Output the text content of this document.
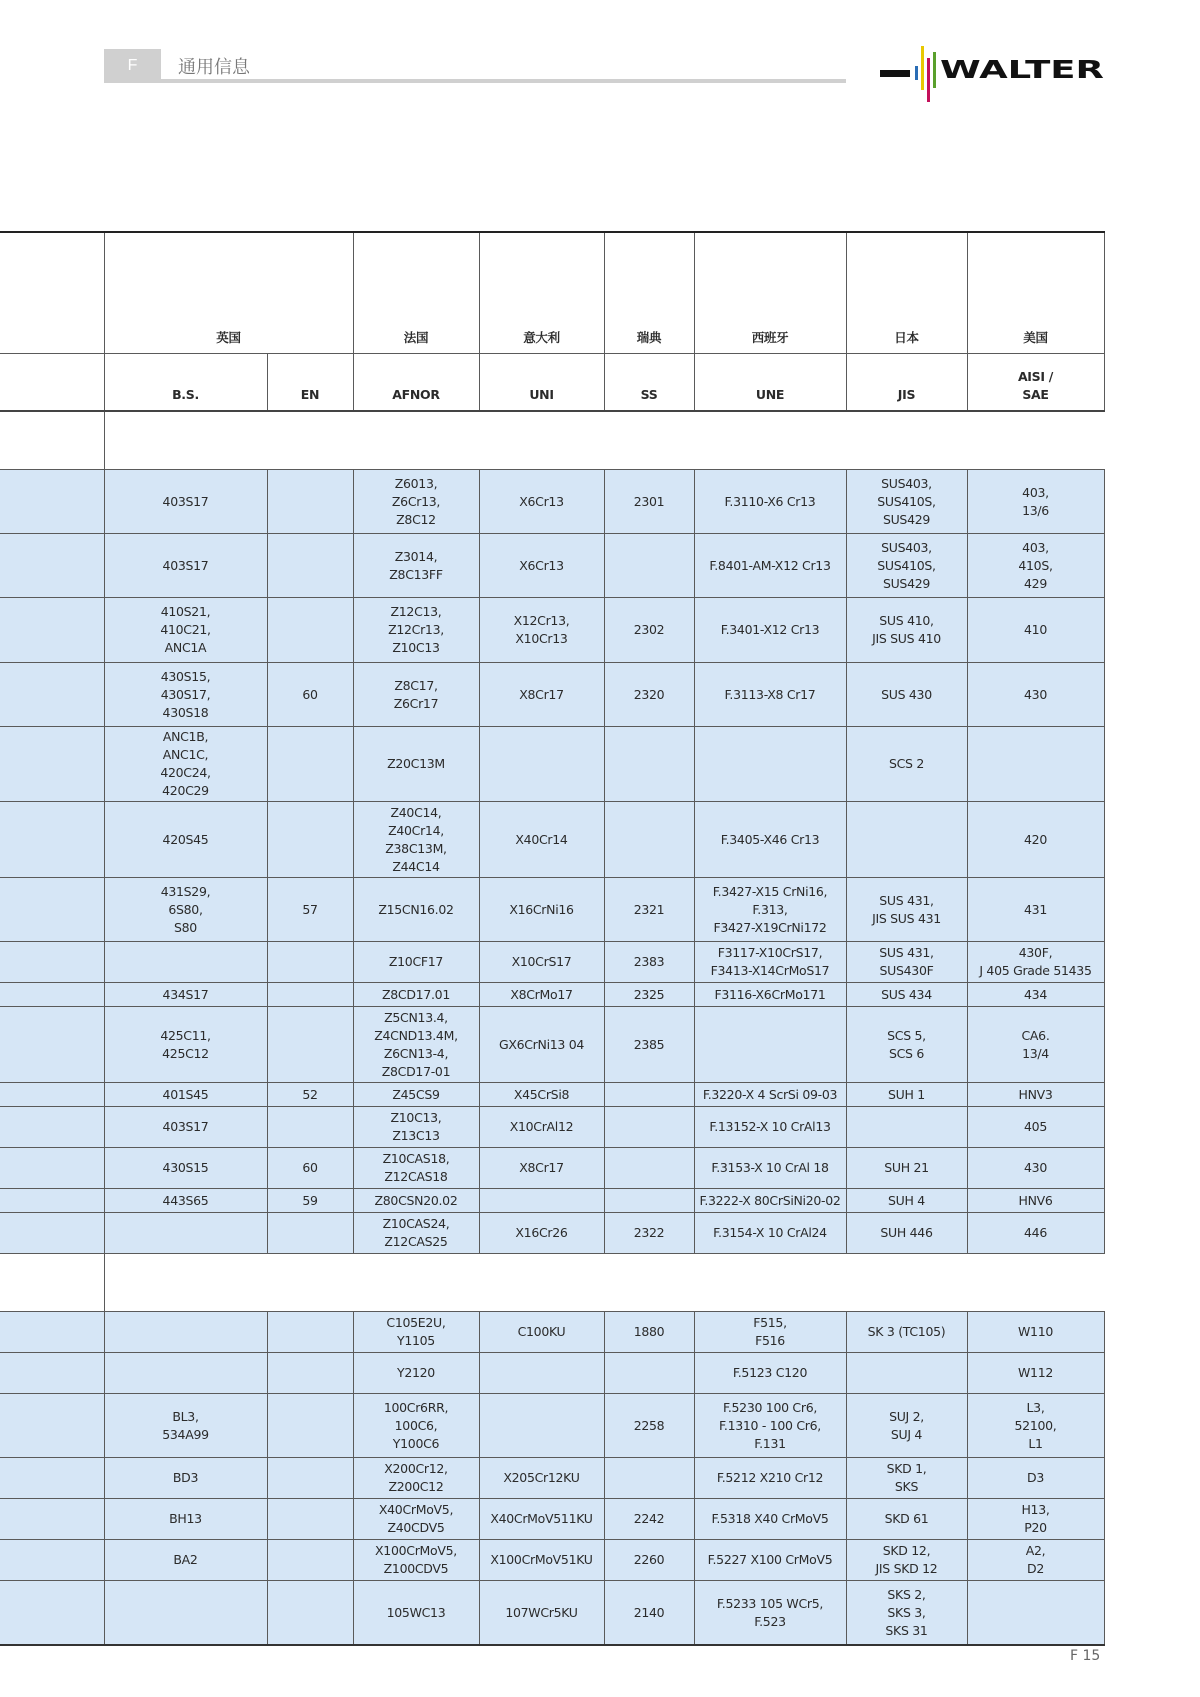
F	通用信息	WALTER
	英国		法国	意大利	瑞典	西班牙	日本	美国
	B.S.	EN	AFNOR	UNI	SS	UNE	JIS	AISI /
SAE

	403S17		Z6013,
Z6Cr13,
Z8C12	X6Cr13	2301	F.3110-X6 Cr13	SUS403,
SUS410S,
SUS429	403,
13/6
	403S17		Z3014,
Z8C13FF	X6Cr13		F.8401-AM-X12 Cr13	SUS403,
SUS410S,
SUS429	403,
410S,
429
	410S21,
410C21,
ANC1A		Z12C13,
Z12Cr13,
Z10C13	X12Cr13,
X10Cr13	2302	F.3401-X12 Cr13	SUS 410,
JIS SUS 410	410
	430S15,
430S17,
430S18	60	Z8C17,
Z6Cr17	X8Cr17	2320	F.3113-X8 Cr17	SUS 430	430
	ANC1B,
ANC1C,
420C24,
420C29		Z20C13M				SCS 2	
	420S45		Z40C14,
Z40Cr14,
Z38C13M,
Z44C14	X40Cr14		F.3405-X46 Cr13		420
	431S29,
6S80,
S80	57	Z15CN16.02	X16CrNi16	2321	F.3427-X15 CrNi16,
F.313,
F3427-X19CrNi172	SUS 431,
JIS SUS 431	431
			Z10CF17	X10CrS17	2383	F3117-X10CrS17,
F3413-X14CrMoS17	SUS 431,
SUS430F	430F,
J 405 Grade 51435
	434S17		Z8CD17.01	X8CrMo17	2325	F3116-X6CrMo171	SUS 434	434
	425C11,
425C12		Z5CN13.4,
Z4CND13.4M,
Z6CN13-4,
Z8CD17-01	GX6CrNi13 04	2385		SCS 5,
SCS 6	CA6.
13/4
	401S45	52	Z45CS9	X45CrSi8		F.3220-X 4 ScrSi 09-03	SUH 1	HNV3
	403S17		Z10C13,
Z13C13	X10CrAl12		F.13152-X 10 CrAl13		405
	430S15	60	Z10CAS18,
Z12CAS18	X8Cr17		F.3153-X 10 CrAl 18	SUH 21	430
	443S65	59	Z80CSN20.02			F.3222-X 80CrSiNi20-02	SUH 4	HNV6
			Z10CAS24,
Z12CAS25	X16Cr26	2322	F.3154-X 10 CrAl24	SUH 446	446

			C105E2U,
Y1105	C100KU	1880	F515,
F516	SK 3 (TC105)	W110
			Y2120			F.5123 C120		W112
	BL3,
534A99		100Cr6RR,
100C6,
Y100C6		2258	F.5230 100 Cr6,
F.1310 - 100 Cr6,
F.131	SUJ 2,
SUJ 4	L3,
52100,
L1
	BD3		X200Cr12,
Z200C12	X205Cr12KU		F.5212 X210 Cr12	SKD 1,
SKS	D3
	BH13		X40CrMoV5,
Z40CDV5	X40CrMoV511KU	2242	F.5318 X40 CrMoV5	SKD 61	H13,
P20
	BA2		X100CrMoV5,
Z100CDV5	X100CrMoV51KU	2260	F.5227 X100 CrMoV5	SKD 12,
JIS SKD 12	A2,
D2
			105WC13	107WCr5KU	2140	F.5233 105 WCr5,
F.523	SKS 2,
SKS 3,
SKS 31	
F 15
